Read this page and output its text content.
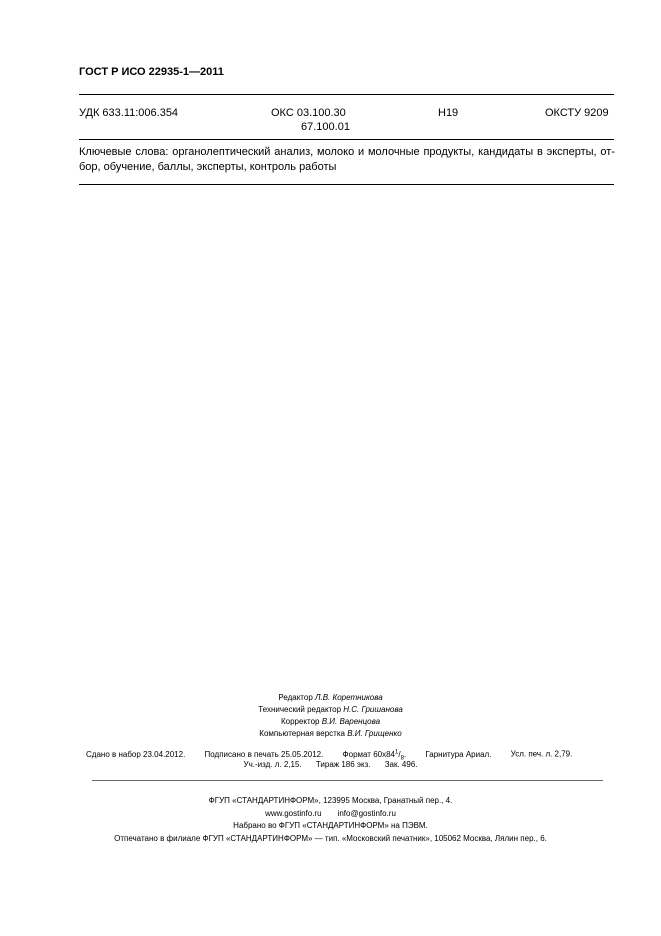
ГОСТ Р ИСО 22935-1—2011
УДК 633.11:006.354	ОКС 03.100.30
67.100.01
Н19	ОКСТУ 9209
Ключевые слова: органолептический анализ, молоко и молочные продукты, кандидаты в эксперты, от-бор, обучение, баллы, эксперты, контроль работы
Редактор Л.В. Коретникова
Технический редактор Н.С. Гришанова
Корректор В.И. Варенцова
Компьютерная верстка В.И. Грищенко
Сдано в набор 23.04.2012. Подписано в печать 25.05.2012. Формат $60х84^1/_8$. Гарнитура Ариал. Усл. печ. л. 2,79.
Уч.-изд. л. 2,15. Тираж 186 экз. Зак. 496.
ФГУП «СТАНДАРТИНФОРМ», 123995 Москва, Гранатный пер., 4.
www.gostinfo.ru info@gostinfo.ru
Набрано во ФГУП «СТАНДАРТИНФОРМ» на ПЭВМ.
Отпечатано в филиале ФГУП «СТАНДАРТИНФОРМ» — тип. «Московский печатник», 105062 Москва, Лялин пер., 6.
